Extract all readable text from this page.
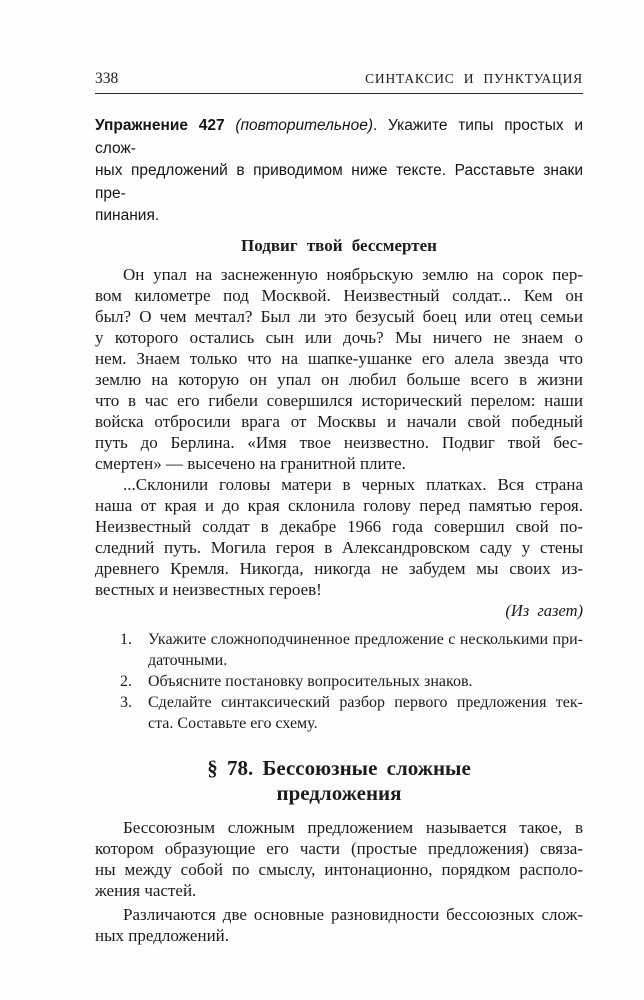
338	СИНТАКСИС И ПУНКТУАЦИЯ
Упражнение 427 (повторительное). Укажите типы простых и слож-
ных предложений в приводимом ниже тексте. Расставьте знаки пре-
пинания.
Подвиг твой бессмертен
Он упал на заснеженную ноябрьскую землю на сорок пер-
вом километре под Москвой. Неизвестный солдат... Кем он
был? О чем мечтал? Был ли это безусый боец или отец семьи
у которого остались сын или дочь? Мы ничего не знаем о
нем. Знаем только что на шапке-ушанке его алела звезда что
землю на которую он упал он любил больше всего в жизни
что в час его гибели совершился исторический перелом: наши
войска отбросили врага от Москвы и начали свой победный
путь до Берлина. «Имя твое неизвестно. Подвиг твой бес-
смертен» — высечено на гранитной плите.
...Склонили головы матери в черных платках. Вся страна
наша от края и до края склонила голову перед памятью героя.
Неизвестный солдат в декабре 1966 года совершил свой по-
следний путь. Могила героя в Александровском саду у стены
древнего Кремля. Никогда, никогда не забудем мы своих из-
вестных и неизвестных героев!
(Из газет)
1.	Укажите сложноподчиненное предложение с несколькими при-
даточными.
2.	Объясните постановку вопросительных знаков.
3.	Сделайте синтаксический разбор первого предложения тек-
ста. Составьте его схему.
§ 78. Бессоюзные сложные
предложения
Бессоюзным сложным предложением называется такое, в
котором образующие его части (простые предложения) связа-
ны между собой по смыслу, интонационно, порядком располо-
жения частей.
Различаются две основные разновидности бессоюзных слож-
ных предложений.
